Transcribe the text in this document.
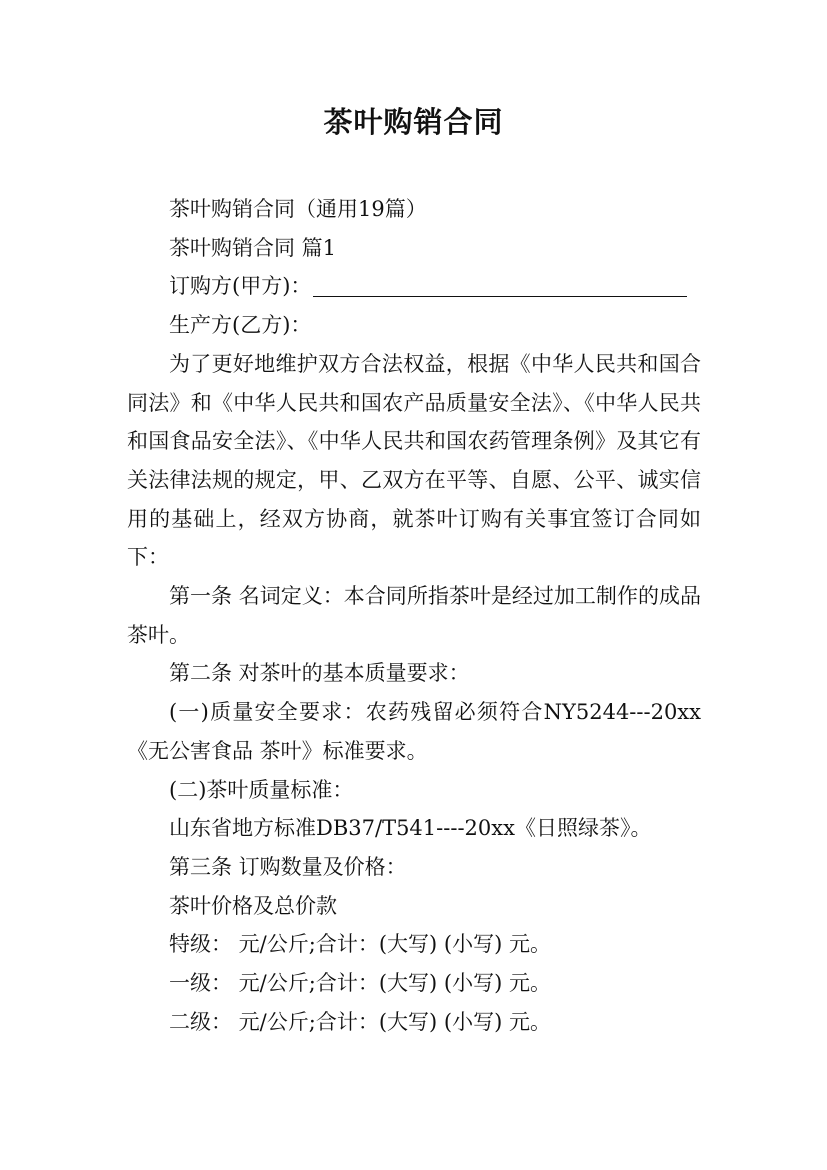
茶叶购销合同

茶叶购销合同（通用19篇）

茶叶购销合同 篇1

订购方(甲方)：

生产方(乙方)：

为了更好地维护双方合法权益，根据《中华人民共和国合同法》和《中华人民共和国农产品质量安全法》、《中华人民共和国食品安全法》、《中华人民共和国农药管理条例》及其它有关法律法规的规定，甲、乙双方在平等、自愿、公平、诚实信用的基础上，经双方协商，就茶叶订购有关事宜签订合同如下：

第一条 名词定义：本合同所指茶叶是经过加工制作的成品茶叶。

第二条 对茶叶的基本质量要求：

(一)质量安全要求：农药残留必须符合NY5244---20xx《无公害食品 茶叶》标准要求。

(二)茶叶质量标准：

山东省地方标准DB37/T541----20xx《日照绿茶》。

第三条 订购数量及价格：

茶叶价格及总价款

特级： 元/公斤;合计：(大写) (小写) 元。

一级： 元/公斤;合计：(大写) (小写) 元。

二级： 元/公斤;合计：(大写) (小写) 元。
